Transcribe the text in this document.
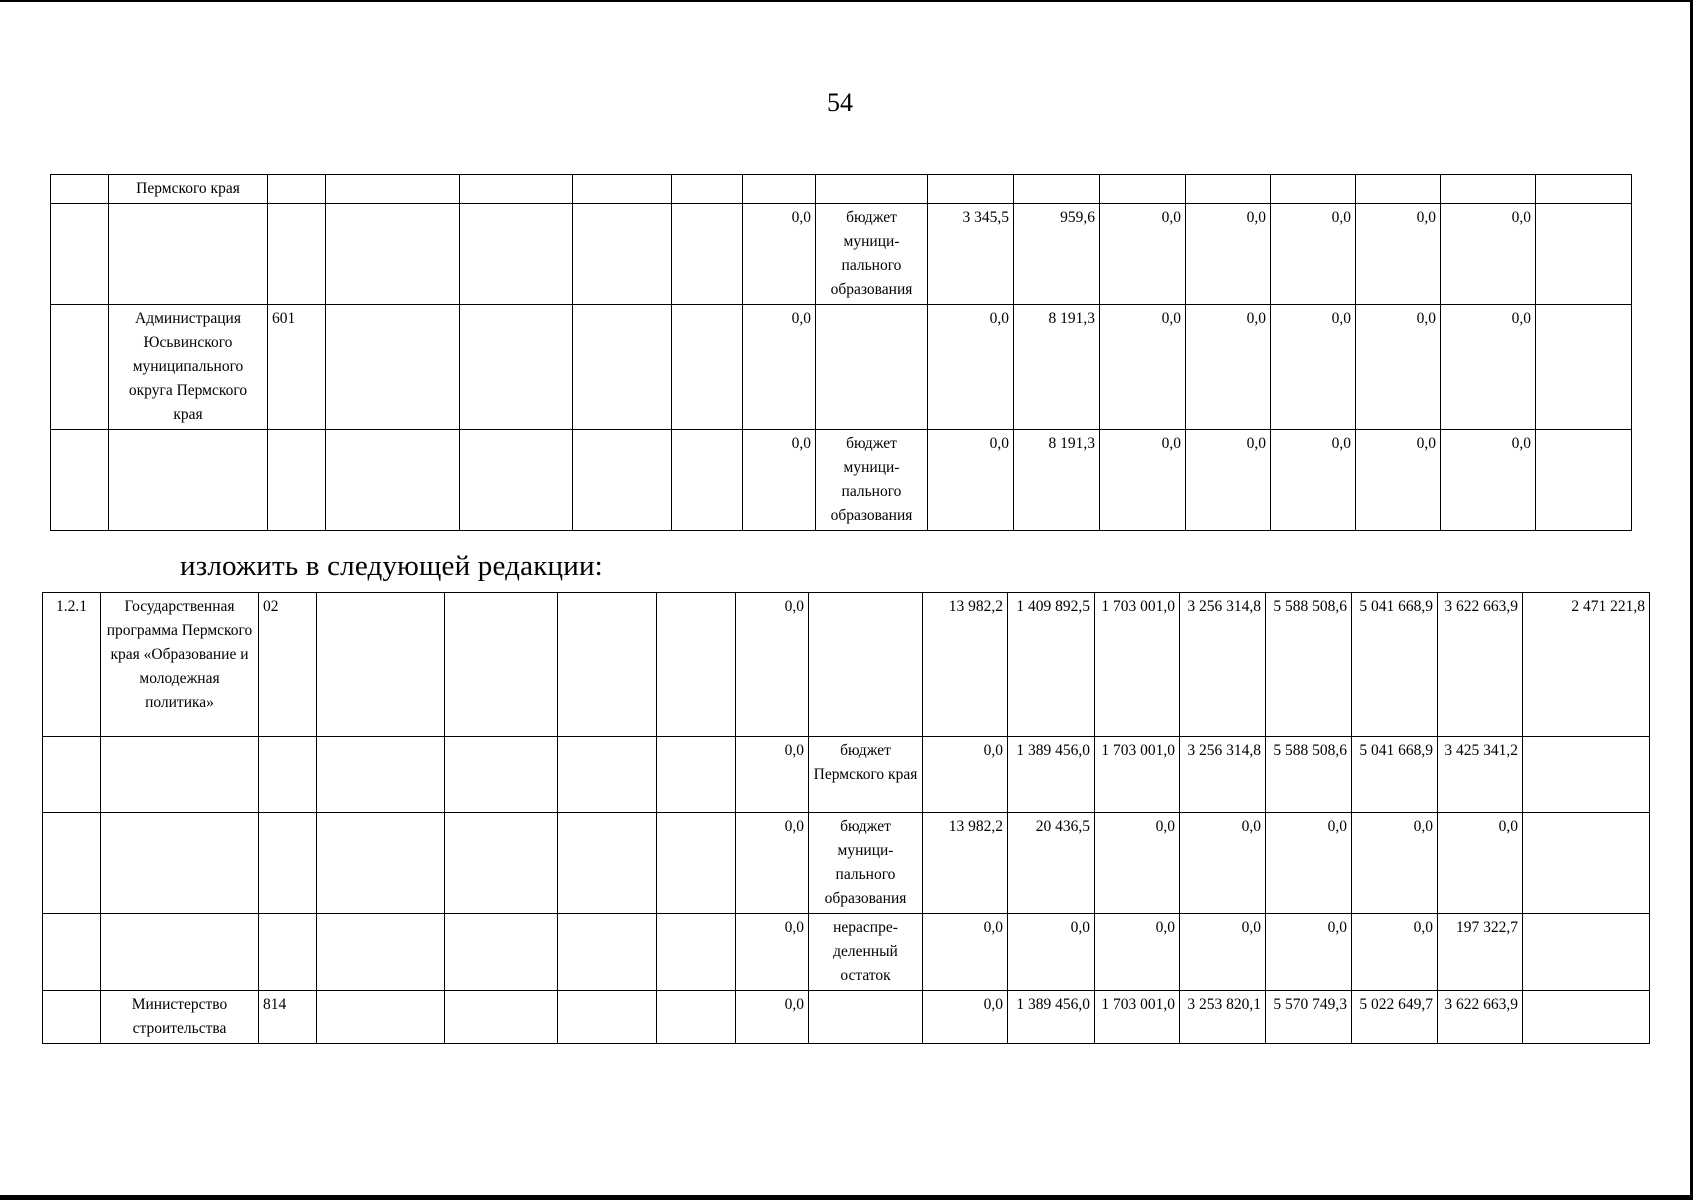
54
	Пермского края															
							0,0	бюджет муници-пального образования	3 345,5	959,6	0,0	0,0	0,0	0,0	0,0	
	Администрация Юсьвинского муниципального округа Пермского края	601					0,0		0,0	8 191,3	0,0	0,0	0,0	0,0	0,0	
							0,0	бюджет муници-пального образования	0,0	8 191,3	0,0	0,0	0,0	0,0	0,0	
изложить в следующей редакции:
1.2.1	Государственная программа Пермского края «Образование и молодежная политика»	02					0,0		13 982,2	1 409 892,5	1 703 001,0	3 256 314,8	5 588 508,6	5 041 668,9	3 622 663,9	2 471 221,8
							0,0	бюджет Пермского края	0,0	1 389 456,0	1 703 001,0	3 256 314,8	5 588 508,6	5 041 668,9	3 425 341,2	
							0,0	бюджет муници-пального образования	13 982,2	20 436,5	0,0	0,0	0,0	0,0	0,0	
							0,0	нераспре-деленный остаток	0,0	0,0	0,0	0,0	0,0	0,0	197 322,7	
	Министерство строительства	814					0,0		0,0	1 389 456,0	1 703 001,0	3 253 820,1	5 570 749,3	5 022 649,7	3 622 663,9	
